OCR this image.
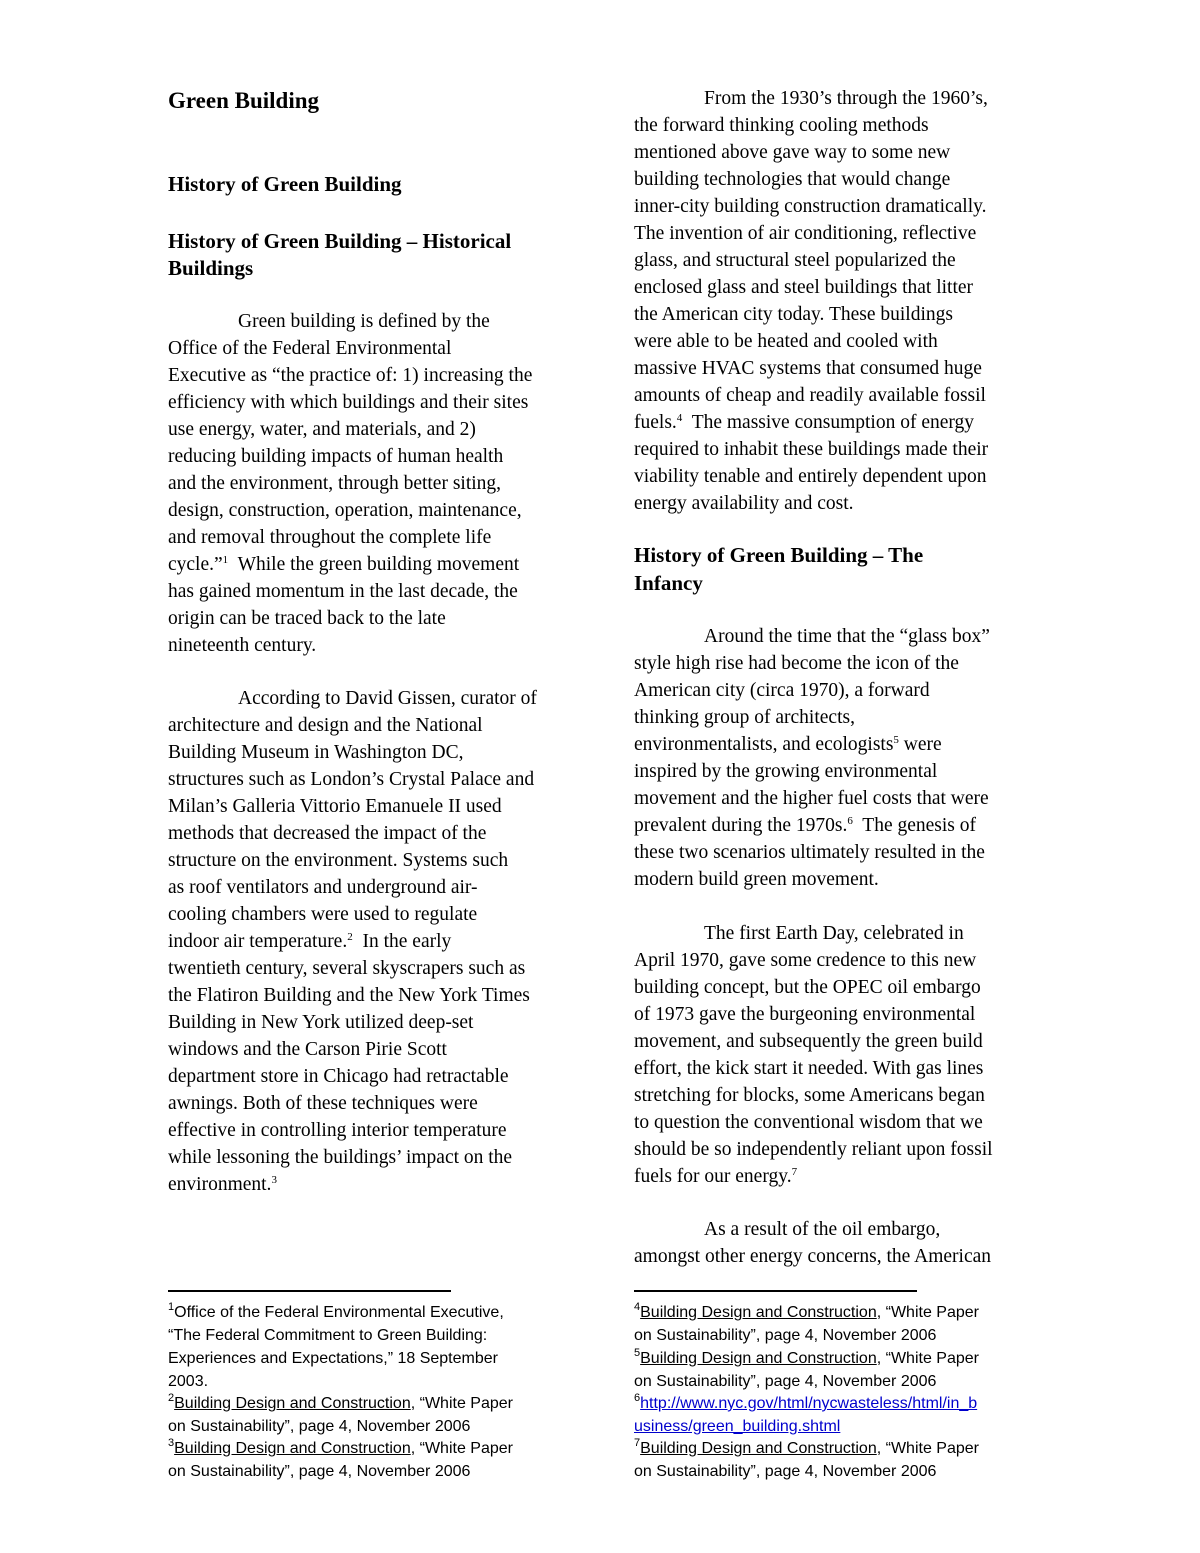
Green Building
History of Green Building
History of Green Building – Historical
Buildings
Green building is defined by the
Office of the Federal Environmental
Executive as “the practice of: 1) increasing the
efficiency with which buildings and their sites
use energy, water, and materials, and 2)
reducing building impacts of human health
and the environment, through better siting,
design, construction, operation, maintenance,
and removal throughout the complete life
cycle.”$^1$ While the green building movement
has gained momentum in the last decade, the
origin can be traced back to the late
nineteenth century.
According to David Gissen, curator of
architecture and design and the National
Building Museum in Washington DC,
structures such as London’s Crystal Palace and
Milan’s Galleria Vittorio Emanuele II used
methods that decreased the impact of the
structure on the environment. Systems such
as roof ventilators and underground air-
cooling chambers were used to regulate
indoor air temperature.$^2$ In the early
twentieth century, several skyscrapers such as
the Flatiron Building and the New York Times
Building in New York utilized deep-set
windows and the Carson Pirie Scott
department store in Chicago had retractable
awnings. Both of these techniques were
effective in controlling interior temperature
while lessoning the buildings’ impact on the
environment.$^3$
$^1$Office of the Federal Environmental Executive,
“The Federal Commitment to Green Building:
Experiences and Expectations,” 18 September
2003.
$^2$Building Design and Construction, “White Paper
on Sustainability”, page 4, November 2006
$^3$Building Design and Construction, “White Paper
on Sustainability”, page 4, November 2006
From the 1930’s through the 1960’s,
the forward thinking cooling methods
mentioned above gave way to some new
building technologies that would change
inner-city building construction dramatically.
The invention of air conditioning, reflective
glass, and structural steel popularized the
enclosed glass and steel buildings that litter
the American city today. These buildings
were able to be heated and cooled with
massive HVAC systems that consumed huge
amounts of cheap and readily available fossil
fuels.$^4$ The massive consumption of energy
required to inhabit these buildings made their
viability tenable and entirely dependent upon
energy availability and cost.
History of Green Building – The
Infancy
Around the time that the “glass box”
style high rise had become the icon of the
American city (circa 1970), a forward
thinking group of architects,
environmentalists, and ecologists$^5$ were
inspired by the growing environmental
movement and the higher fuel costs that were
prevalent during the 1970s.$^6$ The genesis of
these two scenarios ultimately resulted in the
modern build green movement.
The first Earth Day, celebrated in
April 1970, gave some credence to this new
building concept, but the OPEC oil embargo
of 1973 gave the burgeoning environmental
movement, and subsequently the green build
effort, the kick start it needed. With gas lines
stretching for blocks, some Americans began
to question the conventional wisdom that we
should be so independently reliant upon fossil
fuels for our energy.$^7$
As a result of the oil embargo,
amongst other energy concerns, the American
$^4$Building Design and Construction, “White Paper
on Sustainability”, page 4, November 2006
$^5$Building Design and Construction, “White Paper
on Sustainability”, page 4, November 2006
$^6$http://www.nyc.gov/html/nycwasteless/html/in_b
usiness/green_building.shtml
$^7$Building Design and Construction, “White Paper
on Sustainability”, page 4, November 2006
